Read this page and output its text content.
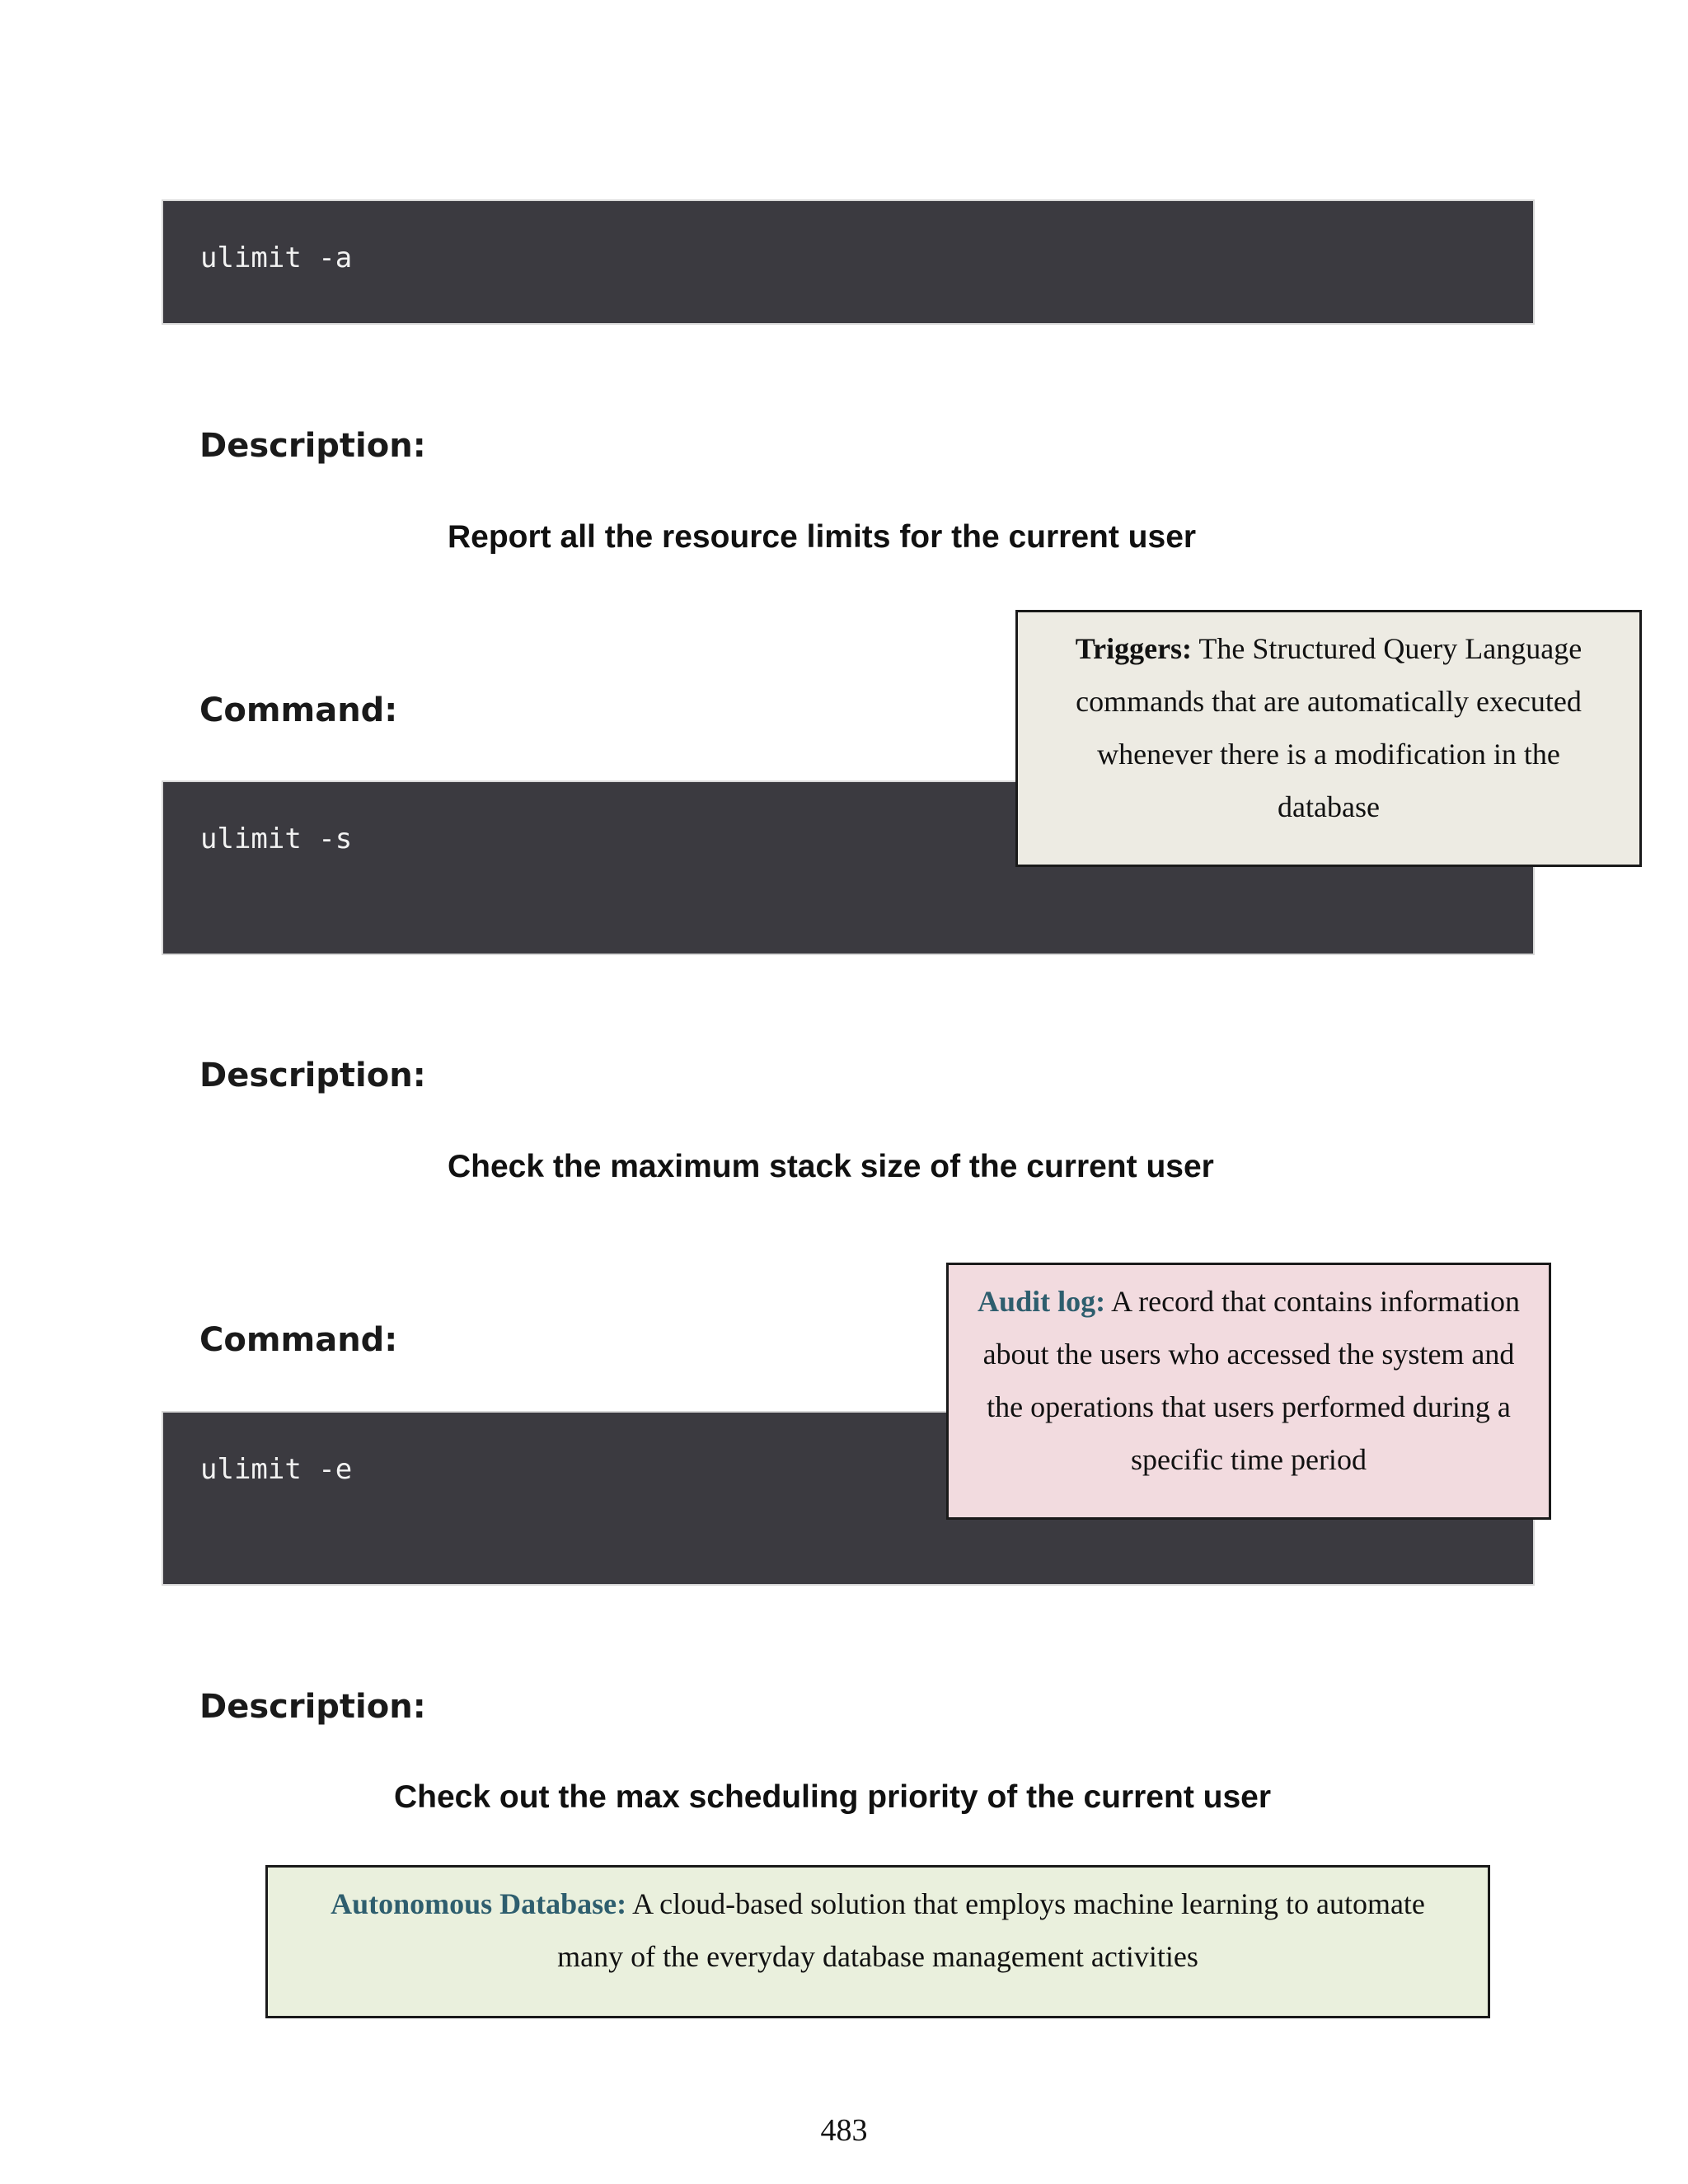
ulimit -a
Description:
Report all the resource limits for the current user
Command:
ulimit -s
Triggers: The Structured Query Language commands that are automatically executed whenever there is a modification in the database
Description:
Check the maximum stack size of the current user
Command:
ulimit -e
Audit log: A record that contains information about the users who accessed the system and the operations that users performed during a specific time period
Description:
Check out the max scheduling priority of the current user
Autonomous Database: A cloud-based solution that employs machine learning to automate many of the everyday database management activities
483
